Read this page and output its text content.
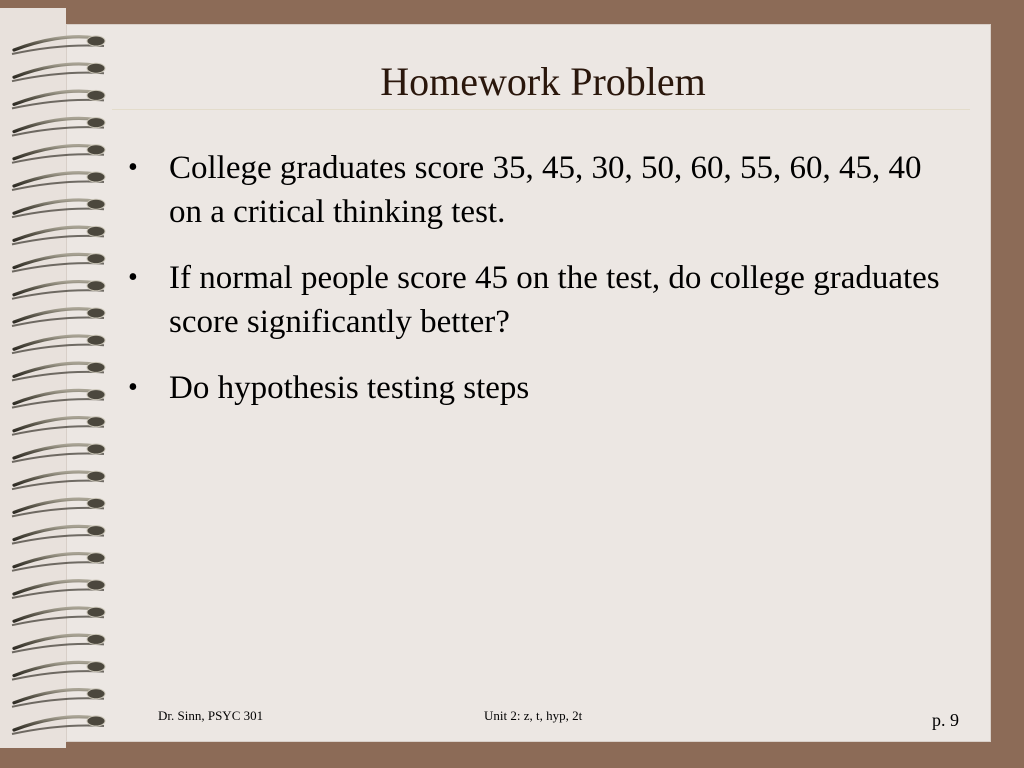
Homework Problem
• College graduates score 35, 45, 30, 50, 60, 55, 60, 45, 40 on a critical thinking test.
• If normal people score 45 on the test, do college graduates score significantly better?
• Do hypothesis testing steps
Dr. Sinn, PSYC 301	Unit 2: z, t, hyp, 2t	p. 9
